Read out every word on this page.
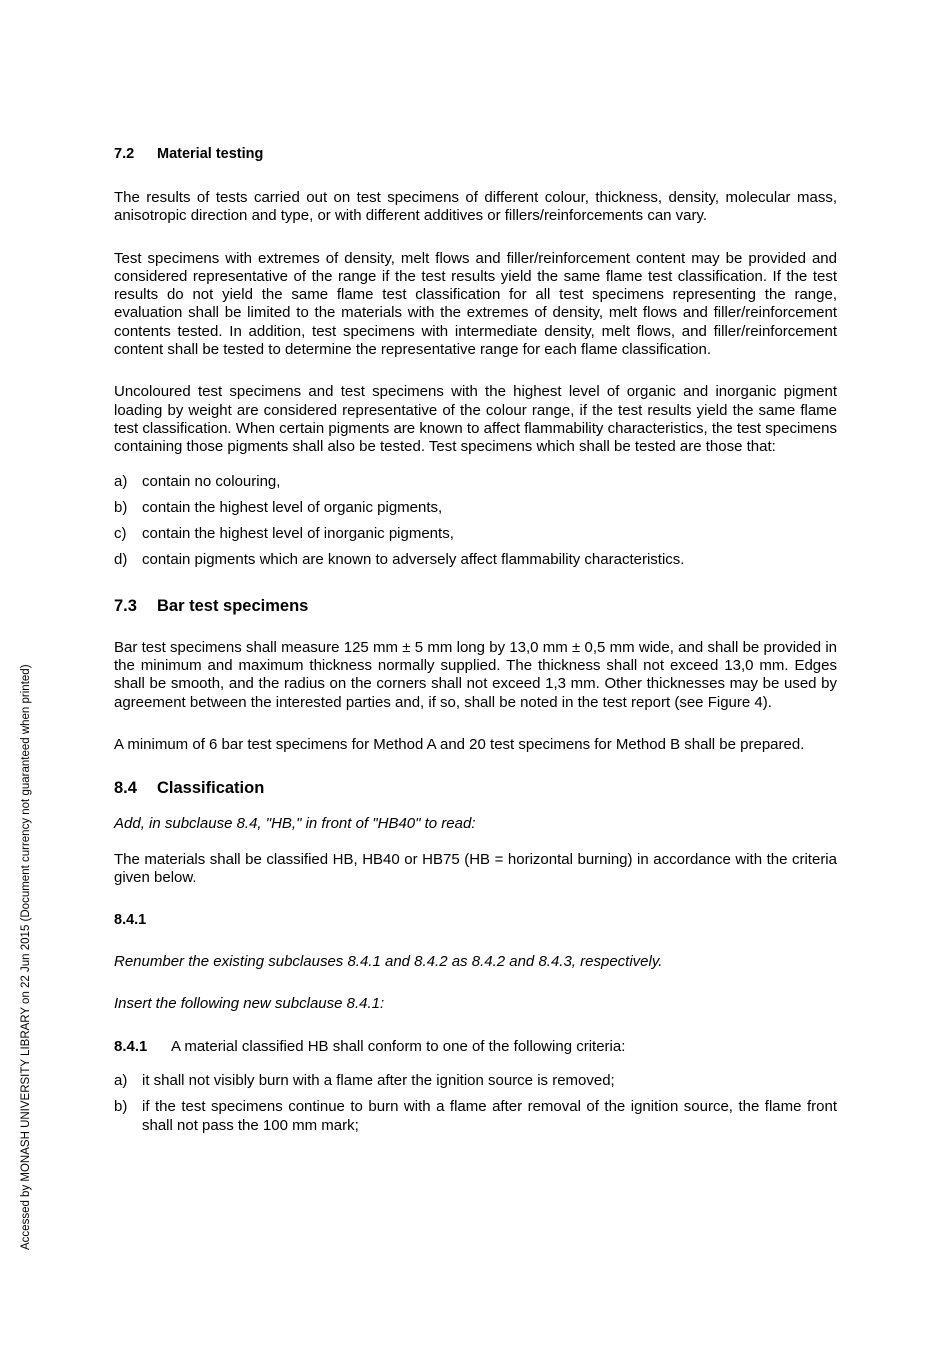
Accessed by MONASH UNIVERSITY LIBRARY on 22 Jun 2015 (Document currency not guaranteed when printed)
7.2 Material testing

The results of tests carried out on test specimens of different colour, thickness, density, molecular mass, anisotropic direction and type, or with different additives or fillers/reinforcements can vary.

Test specimens with extremes of density, melt flows and filler/reinforcement content may be provided and considered representative of the range if the test results yield the same flame test classification. If the test results do not yield the same flame test classification for all test specimens representing the range, evaluation shall be limited to the materials with the extremes of density, melt flows and filler/reinforcement contents tested. In addition, test specimens with intermediate density, melt flows, and filler/reinforcement content shall be tested to determine the representative range for each flame classification.

Uncoloured test specimens and test specimens with the highest level of organic and inorganic pigment loading by weight are considered representative of the colour range, if the test results yield the same flame test classification. When certain pigments are known to affect flammability characteristics, the test specimens containing those pigments shall also be tested. Test specimens which shall be tested are those that:

a) contain no colouring,
b) contain the highest level of organic pigments,
c) contain the highest level of inorganic pigments,
d) contain pigments which are known to adversely affect flammability characteristics.
7.3 Bar test specimens

Bar test specimens shall measure 125 mm ± 5 mm long by 13,0 mm ± 0,5 mm wide, and shall be provided in the minimum and maximum thickness normally supplied. The thickness shall not exceed 13,0 mm. Edges shall be smooth, and the radius on the corners shall not exceed 1,3 mm. Other thicknesses may be used by agreement between the interested parties and, if so, shall be noted in the test report (see Figure 4).

A minimum of 6 bar test specimens for Method A and 20 test specimens for Method B shall be prepared.

8.4 Classification

Add, in subclause 8.4, "HB," in front of "HB40" to read:

The materials shall be classified HB, HB40 or HB75 (HB = horizontal burning) in accordance with the criteria given below.

8.4.1

Renumber the existing subclauses 8.4.1 and 8.4.2 as 8.4.2 and 8.4.3, respectively.

Insert the following new subclause 8.4.1:

8.4.1 A material classified HB shall conform to one of the following criteria:

a) it shall not visibly burn with a flame after the ignition source is removed;
b) if the test specimens continue to burn with a flame after removal of the ignition source, the flame front shall not pass the 100 mm mark;
